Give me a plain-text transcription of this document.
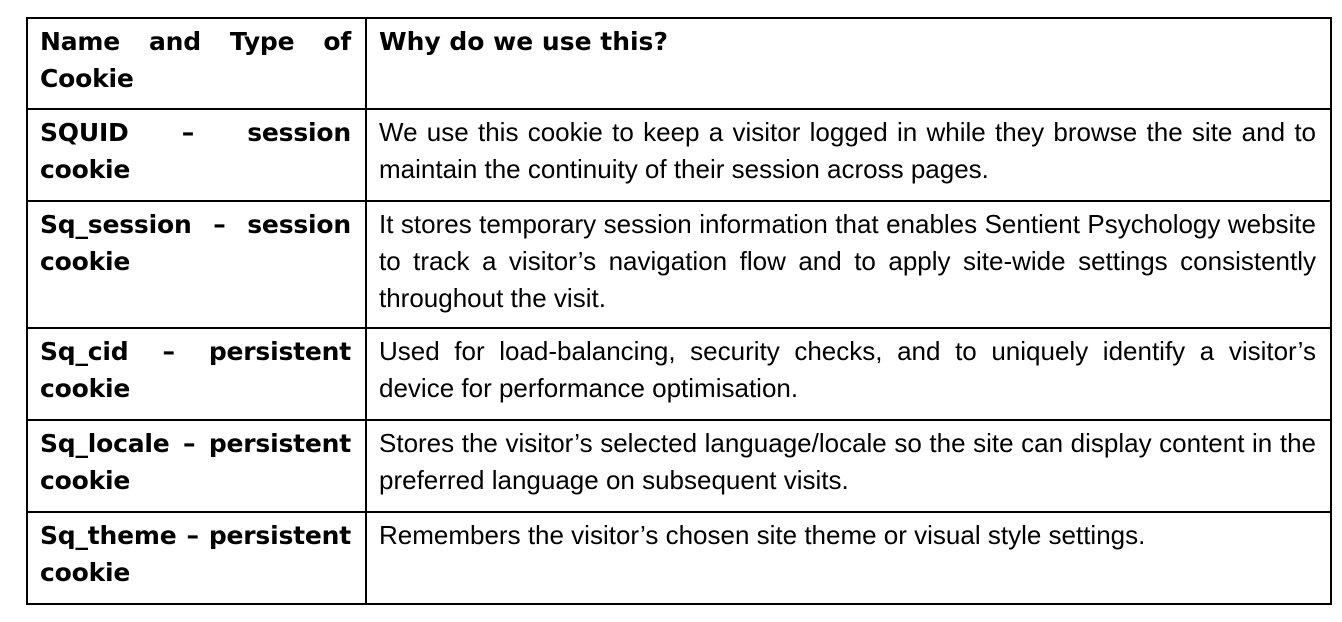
Name and Type of Cookie	Why do we use this?
SQUID – session cookie	We use this cookie to keep a visitor logged in while they browse the site and to maintain the continuity of their session across pages.
Sq_session – session cookie	It stores temporary session information that enables Sentient Psychology website to track a visitor’s navigation flow and to apply site-wide settings consistently throughout the visit.
Sq_cid – persistent cookie	Used for load-balancing, security checks, and to uniquely identify a visitor’s device for performance optimisation.
Sq_locale – persistent cookie	Stores the visitor’s selected language/locale so the site can display content in the preferred language on subsequent visits.
Sq_theme – persistent cookie	Remembers the visitor’s chosen site theme or visual style settings.
